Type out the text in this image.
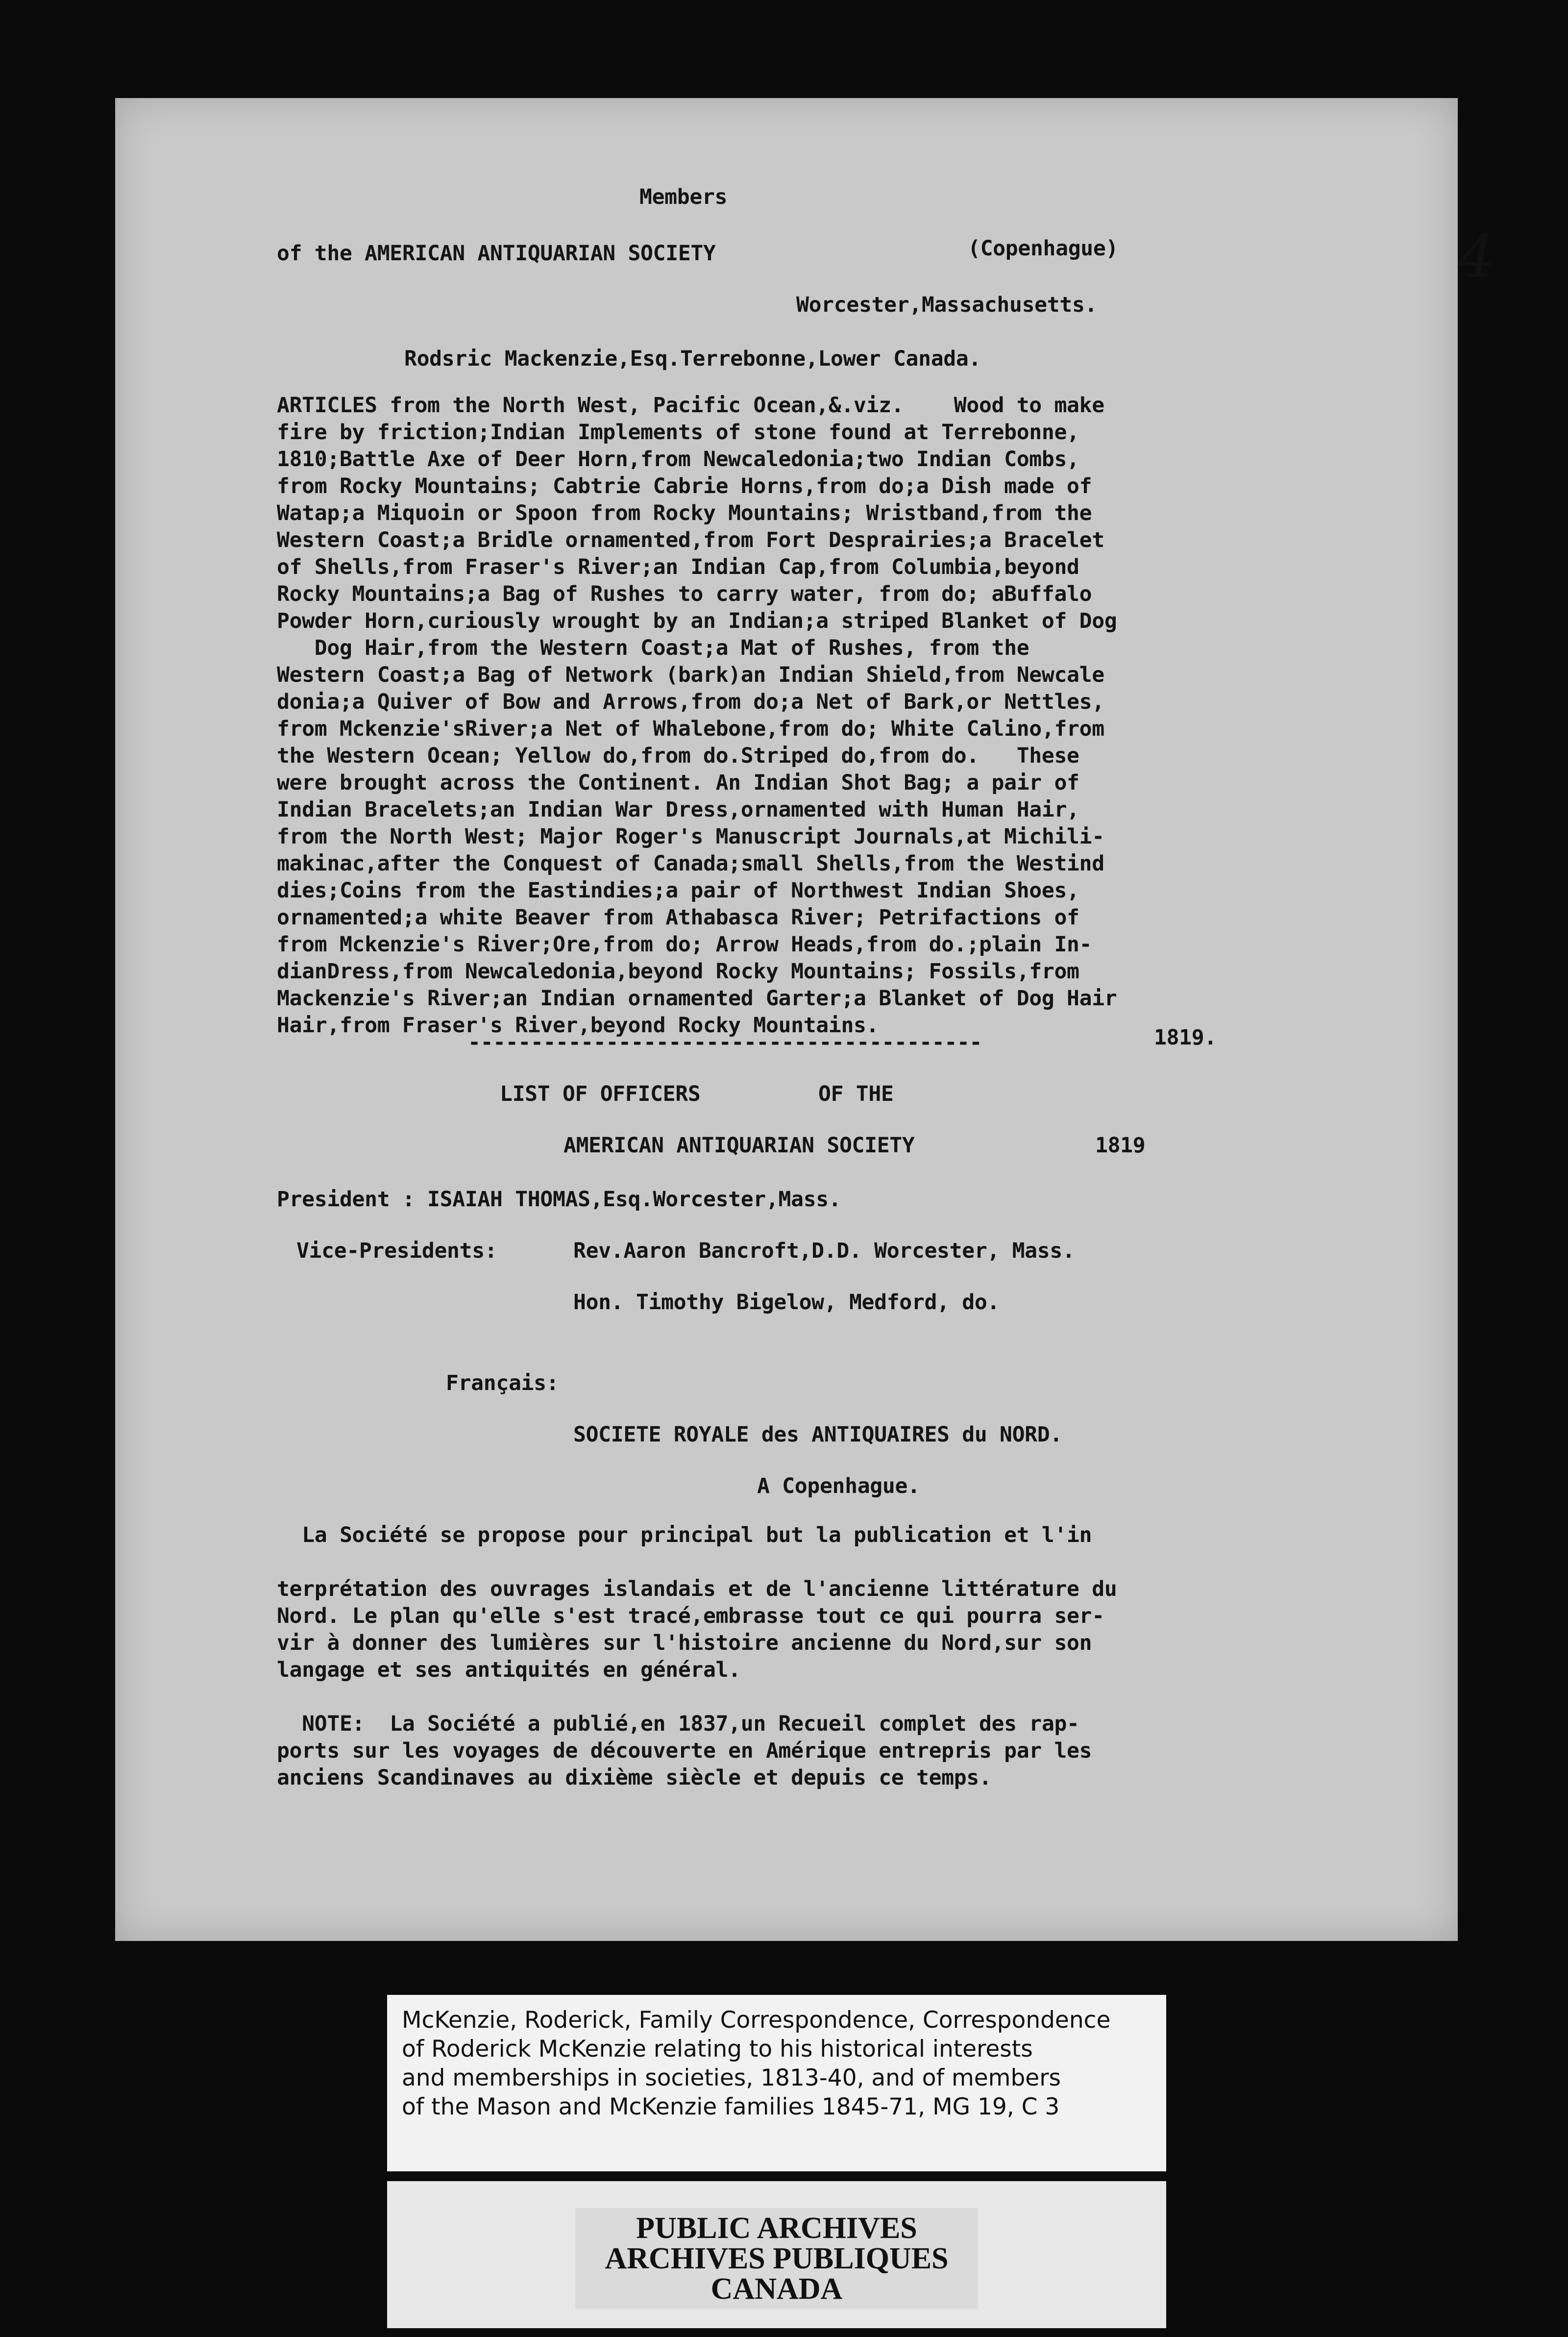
4
Members
of the AMERICAN ANTIQUARIAN SOCIETY	(Copenhague)
Worcester,Massachusetts.
Rodsric Mackenzie,Esq.Terrebonne,Lower Canada.
ARTICLES from the North West, Pacific Ocean,&.viz.    Wood to make
fire by friction;Indian Implements of stone found at Terrebonne,
1810;Battle Axe of Deer Horn,from Newcaledonia;two Indian Combs,
from Rocky Mountains; Cabtrie Cabrie Horns,from do;a Dish made of
Watap;a Miquoin or Spoon from Rocky Mountains; Wristband,from the
Western Coast;a Bridle ornamented,from Fort Desprairies;a Bracelet
of Shells,from Fraser's River;an Indian Cap,from Columbia,beyond
Rocky Mountains;a Bag of Rushes to carry water, from do; aBuffalo
Powder Horn,curiously wrought by an Indian;a striped Blanket of Dog
Dog Hair,from the Western Coast;a Mat of Rushes, from the
Western Coast;a Bag of Network (bark)an Indian Shield,from Newcale
donia;a Quiver of Bow and Arrows,from do;a Net of Bark,or Nettles,
from Mckenzie'sRiver;a Net of Whalebone,from do; White Calino,from
the Western Ocean; Yellow do,from do.Striped do,from do.   These
were brought across the Continent. An Indian Shot Bag; a pair of
Indian Bracelets;an Indian War Dress,ornamented with Human Hair,
from the North West; Major Roger's Manuscript Journals,at Michili-
makinac,after the Conquest of Canada;small Shells,from the Westind
dies;Coins from the Eastindies;a pair of Northwest Indian Shoes,
ornamented;a white Beaver from Athabasca River; Petrifactions of
from Mckenzie's River;Ore,from do; Arrow Heads,from do.;plain In-
dianDress,from Newcaledonia,beyond Rocky Mountains; Fossils,from
Mackenzie's River;an Indian ornamented Garter;a Blanket of Dog Hair
Hair,from Fraser's River,beyond Rocky Mountains.
-----------------------------------------	1819.
LIST OF OFFICERS	OF THE
AMERICAN ANTIQUARIAN SOCIETY	1819
President : ISAIAH THOMAS,Esq.Worcester,Mass.
Vice-Presidents:	Rev.Aaron Bancroft,D.D. Worcester, Mass.
Hon. Timothy Bigelow, Medford, do.
Français:
SOCIETE ROYALE des ANTIQUAIRES du NORD.
A Copenhague.
La Société se propose pour principal but la publication et l'in
terprétation des ouvrages islandais et de l'ancienne littérature du
Nord. Le plan qu'elle s'est tracé,embrasse tout ce qui pourra ser-
vir à donner des lumières sur l'histoire ancienne du Nord,sur son
langage et ses antiquités en général.
NOTE:  La Société a publié,en 1837,un Recueil complet des rap-
ports sur les voyages de découverte en Amérique entrepris par les
anciens Scandinaves au dixième siècle et depuis ce temps.
McKenzie, Roderick, Family Correspondence, Correspondence
of Roderick McKenzie relating to his historical interests
and memberships in societies, 1813-40, and of members
of the Mason and McKenzie families 1845-71, MG 19, C 3
PUBLIC ARCHIVES
ARCHIVES PUBLIQUES
CANADA
